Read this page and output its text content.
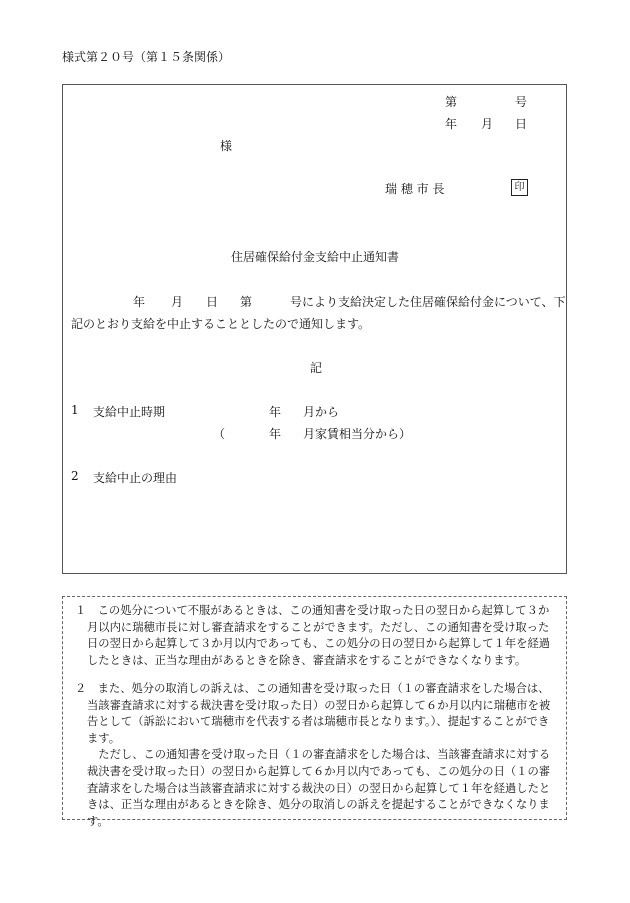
様式第２０号（第１５条関係）
第	号
年 月 日
様
瑞 穂 市 長	印
住居確保給付金支給中止通知書
年 月 日 第	号により支給決定した住居確保給付金について、下
記のとおり支給を中止することとしたので通知します。
記
1 支給中止時期	年 月から
（	年 月家賃相当分から）
2 支給中止の理由
１　この処分について不服があるときは、この通知書を受け取った日の翌日から起算して３か
月以内に瑞穂市長に対し審査請求をすることができます。ただし、この通知書を受け取った
日の翌日から起算して３か月以内であっても、この処分の日の翌日から起算して１年を経過
したときは、正当な理由があるときを除き、審査請求をすることができなくなります。
２　また、処分の取消しの訴えは、この通知書を受け取った日（１の審査請求をした場合は、
当該審査請求に対する裁決書を受け取った日）の翌日から起算して６か月以内に瑞穂市を被
告として（訴訟において瑞穂市を代表する者は瑞穂市長となります。）、提起することができ
ます。
　ただし、この通知書を受け取った日（１の審査請求をした場合は、当該審査請求に対する
裁決書を受け取った日）の翌日から起算して６か月以内であっても、この処分の日（１の審
査請求をした場合は当該審査請求に対する裁決の日）の翌日から起算して１年を経過したと
きは、正当な理由があるときを除き、処分の取消しの訴えを提起することができなくなりま
す。
